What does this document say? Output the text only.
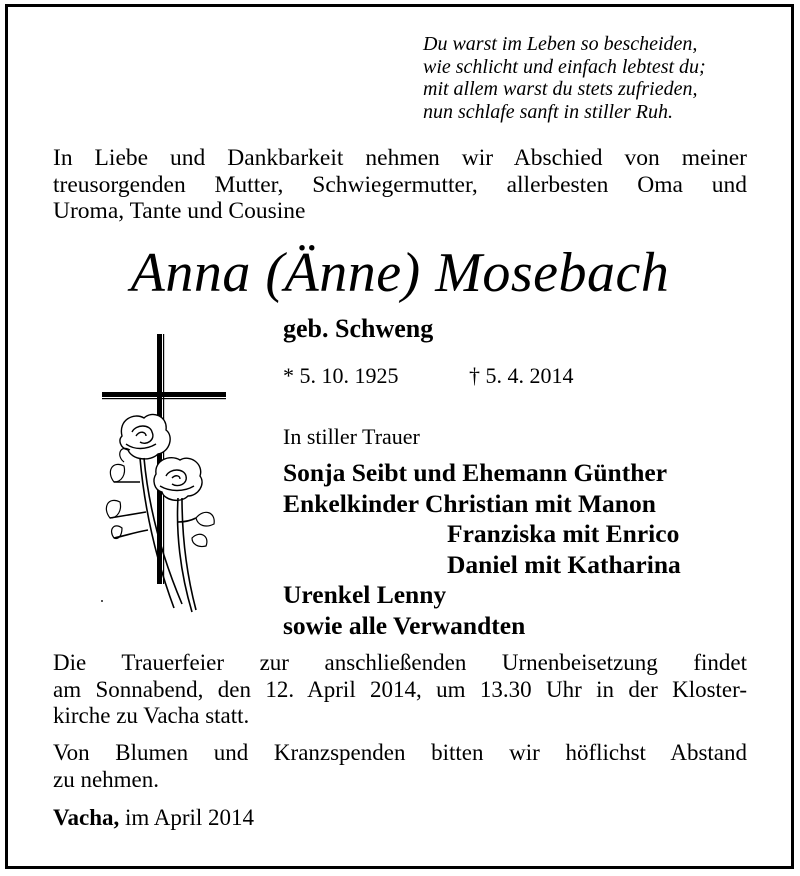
Du warst im Leben so bescheiden,
wie schlicht und einfach lebtest du;
mit allem warst du stets zufrieden,
nun schlafe sanft in stiller Ruh.
In Liebe und Dankbarkeit nehmen wir Abschied von meiner
treusorgenden Mutter, Schwiegermutter, allerbesten Oma und
Uroma, Tante und Cousine
Anna (Änne) Mosebach
geb. Schweng
* 5. 10. 1925	† 5. 4. 2014
In stiller Trauer
Sonja Seibt und Ehemann Günther
Enkelkinder Christian mit Manon
Franziska mit Enrico
Daniel mit Katharina
Urenkel Lenny
sowie alle Verwandten
Die Trauerfeier zur anschließenden Urnenbeisetzung findet
am Sonnabend, den 12. April 2014, um 13.30 Uhr in der Kloster-
kirche zu Vacha statt.
Von Blumen und Kranzspenden bitten wir höflichst Abstand
zu nehmen.
Vacha, im April 2014
